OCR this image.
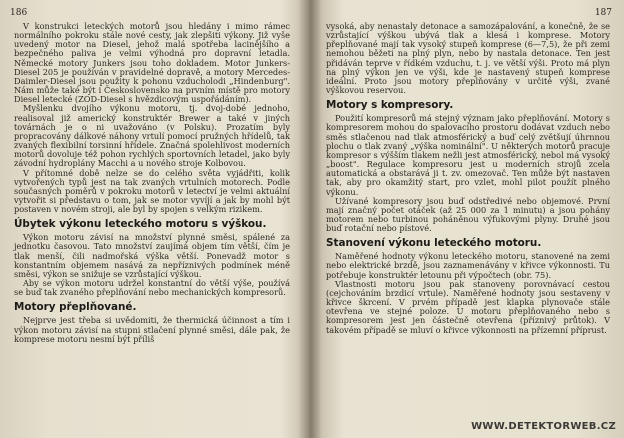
186

V konstrukci leteckých motorů jsou hledány i mimo rámec normálního pokroku stále nové cesty, jak zlepšiti výkony. Již vyše uvedený motor na Diesel, jehož malá spotřeba lacinějšího a bezpečného paliva je velmi výhodná pro dopravní letadla. Německé motory Junkers jsou toho dokladem. Motor Junkers-Diesel 205 je používán v pravidelné dopravě, a motory Mercedes-Daimler-Diesel jsou použity k pohonu vzducholodi „Hindenburg". Nám může také být i Československo na prvním místě pro motory Diesel letecké (ZOD-Diesel s hvězdicovým uspořádáním).

Myšlenku dvojího výkonu motoru, tj. dvoj-dobé jednoho, realisoval již americký konstruktér Brewer a také v jiných továrnách je o ni uvažováno (v Polsku). Prozatím byly propracovány dálkové náhony vrtulí pomocí pružných hřídelů, tak zvaných flexibilní torsinní hřídele. Značná spolehlivost moderních motorů dovoluje též pohon rychlých sportovních letadel, jako byly závodní hydroplány Macchi a u nového stroje Kolbovou.

V přítomné době nelze se do celého světa vyjádřiti, kolik vytvořených typů jest na tak zvaných vrtulních motorech. Podle současných poměrů v pokroku motorů v letectví je velmi aktuální vytvořit si představu o tom, jak se motor vyvíjí a jak by mohl být postaven v novém stroji, ale byl by spojen s velkým rizikem.

Úbytek výkonu leteckého motoru s výškou.

Výkon motoru závisí na množství plynné směsi, spálené za jednotku časovou. Tato množství zaujímá objem tím větší, čím je tlak menší, čili nadmořská výška větší. Ponevadž motor s konstantním objemem nasává za nepříznivých podmínek méně směsi, výkon se snižuje se vzrůstající výškou.

Aby se výkon motoru udržel konstantní do větší výše, používá se buď tak zvaného přeplňování nebo mechanických kompresorů.

Motory přeplňované.

Nejprve jest třeba si uvědomiti, že thermická účinnost a tím i výkon motoru závisí na stupni stlačení plynné směsi, dále pak, že komprese motoru nesmí být příliš

187

vysoká, aby nenastaly detonace a samozápalování, a konečně, že se vzrůstající výškou ubývá tlak a klesá i komprese. Motory přeplňované mají tak vysoký stupeň komprese (6—7,5), že při zemi nemohou běžeti na plný plyn, nebo by nastala detonace. Ten jest přidáván teprve v řídkém vzduchu, t. j. ve větší výši. Proto má plyn na plný výkon jen ve výši, kde je nastavený stupeň komprese ideální. Proto jsou motory přeplňovány v určité výši, zvané výškovou reservou.

Motory s kompresory.

Použití kompresorů má stejný význam jako přeplňování. Motory s kompresorem mohou do spalovacího prostoru dodávat vzduch nebo směs stlačenou nad tlak atmosférický a buď celý zvětšují úhrnnou plochu o tlak zvaný „výška nominální". U některých motorů pracuje kompresor s výšším tlakem nežli jest atmosférický, nebol má vysoký „boost". Regulace kompresoru jest u moderních strojů zcela automatická a obstarává ji t. zv. omezovač. Ten může být nastaven tak, aby pro okamžitý start, pro vzlet, mohl pilot použít plného výkonu.

Užívané kompresory jsou buď odstředivé nebo objemové. První mají značný počet otáček (až 25 000 za 1 minutu) a jsou pohány motorem nebo turbinou poháněnou výfukovými plyny. Druhé jsou buď rotační nebo pístové.

Stanovení výkonu leteckého motoru.

Naměřené hodnoty výkonu leteckého motoru, stanovené na zemi nebo elektrické brzdě, jsou zaznamenávány v křivce výkonnosti. Tu potřebuje konstruktér letounu při výpočtech (obr. 75).

Vlastnosti motoru jsou pak stanoveny porovnávací cestou (cejchováním brzdicí vrtule). Naměřené hodnoty jsou sestaveny v křivce škrcení. V prvém případě jest klapka plynovače stále otevřena ve stejné poloze. U motoru přeplňovaného nebo s kompresorem jest jen částečně otevřena (příznivý průtok). V takovém případě se mluví o křivce výkonnosti na přízemní příprust.

WWW.DETEKTORWEB.CZ
